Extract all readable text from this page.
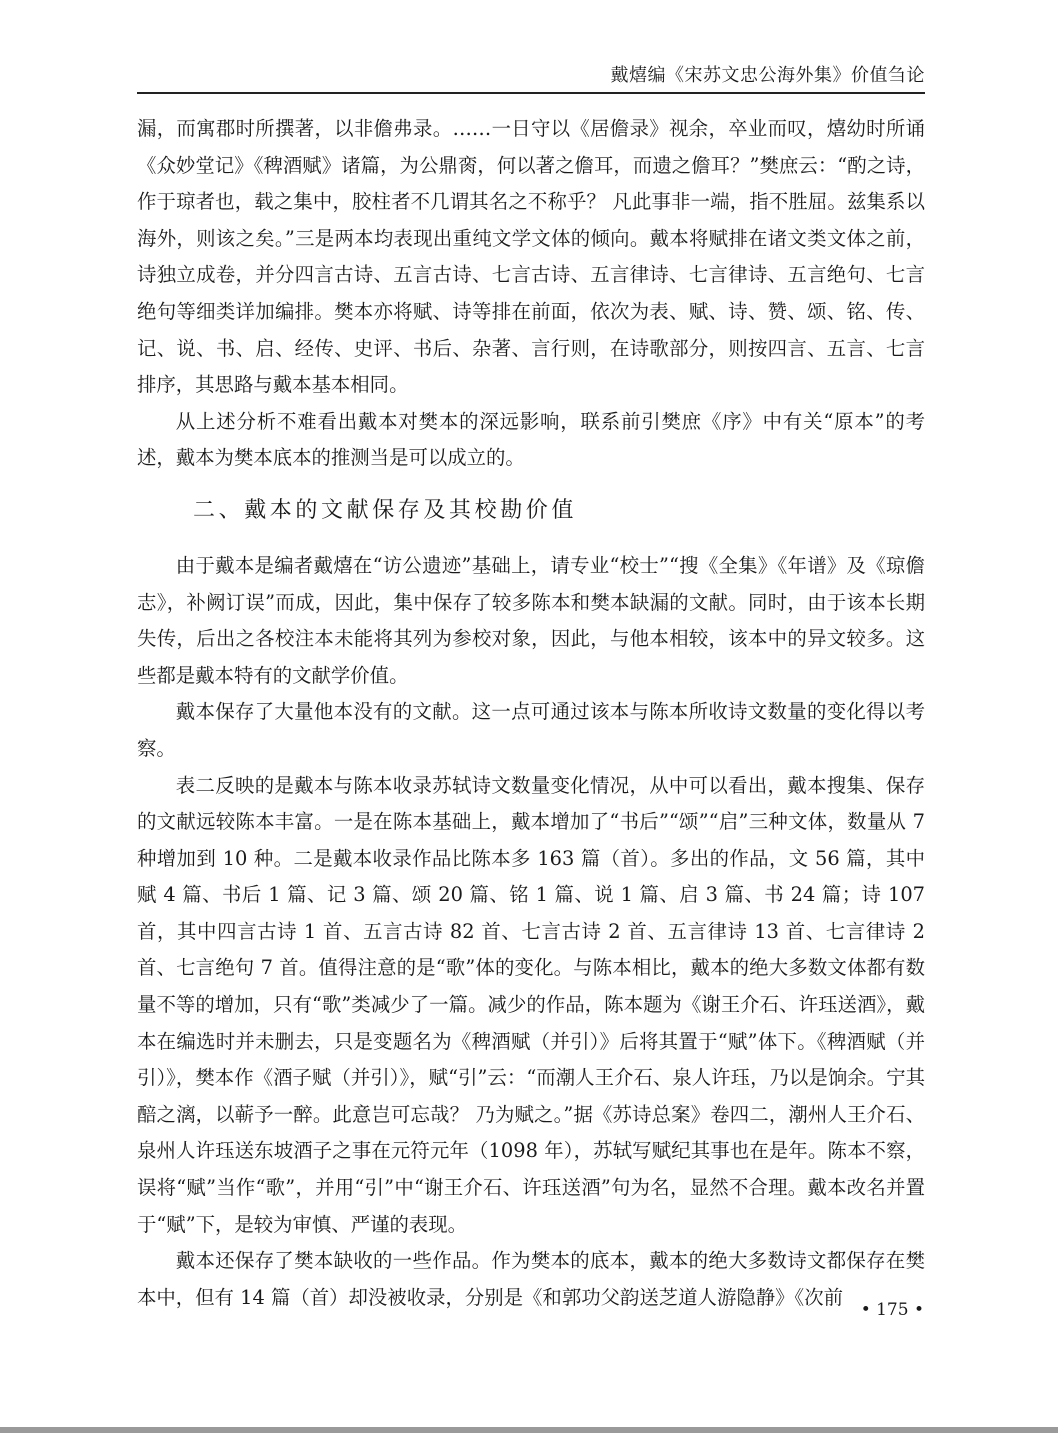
戴熺编《宋苏文忠公海外集》价值刍论

漏，而寓郡时所撰著，以非儋弗录。……一日守以《居儋录》视余，卒业而叹，熺幼时所诵《众妙堂记》《稗酒赋》诸篇，为公鼎脔，何以著之儋耳，而遗之儋耳？”樊庶云：“酌之诗，作于琼者也，载之集中，胶柱者不几谓其名之不称乎？ 凡此事非一端，指不胜屈。兹集系以海外，则该之矣。”三是两本均表现出重纯文学文体的倾向。戴本将赋排在诸文类文体之前，诗独立成卷，并分四言古诗、五言古诗、七言古诗、五言律诗、七言律诗、五言绝句、七言绝句等细类详加编排。樊本亦将赋、诗等排在前面，依次为表、赋、诗、赞、颂、铭、传、记、说、书、启、经传、史评、书后、杂著、言行则，在诗歌部分，则按四言、五言、七言排序，其思路与戴本基本相同。

从上述分析不难看出戴本对樊本的深远影响，联系前引樊庶《序》中有关“原本”的考述，戴本为樊本底本的推测当是可以成立的。

二、戴本的文献保存及其校勘价值

由于戴本是编者戴熺在“访公遗迹”基础上，请专业“校士”“搜《全集》《年谱》及《琼儋志》，补阙订误”而成，因此，集中保存了较多陈本和樊本缺漏的文献。同时，由于该本长期失传，后出之各校注本未能将其列为参校对象，因此，与他本相较，该本中的异文较多。这些都是戴本特有的文献学价值。

戴本保存了大量他本没有的文献。这一点可通过该本与陈本所收诗文数量的变化得以考察。

表二反映的是戴本与陈本收录苏轼诗文数量变化情况，从中可以看出，戴本搜集、保存的文献远较陈本丰富。一是在陈本基础上，戴本增加了“书后”“颂”“启”三种文体，数量从 7 种增加到 10 种。二是戴本收录作品比陈本多 163 篇（首）。多出的作品，文 56 篇，其中赋 4 篇、书后 1 篇、记 3 篇、颂 20 篇、铭 1 篇、说 1 篇、启 3 篇、书 24 篇；诗 107 首，其中四言古诗 1 首、五言古诗 82 首、七言古诗 2 首、五言律诗 13 首、七言律诗 2 首、七言绝句 7 首。值得注意的是“歌”体的变化。与陈本相比，戴本的绝大多数文体都有数量不等的增加，只有“歌”类减少了一篇。减少的作品，陈本题为《谢王介石、许珏送酒》，戴本在编选时并未删去，只是变题名为《稗酒赋（并引）》后将其置于“赋”体下。《稗酒赋（并引）》，樊本作《酒子赋（并引）》，赋“引”云：“而潮人王介石、泉人许珏，乃以是饷余。宁其醅之漓，以蕲予一醉。此意岂可忘哉？ 乃为赋之。”据《苏诗总案》卷四二，潮州人王介石、泉州人许珏送东坡酒子之事在元符元年（1098 年），苏轼写赋纪其事也在是年。陈本不察，误将“赋”当作“歌”，并用“引”中“谢王介石、许珏送酒”句为名，显然不合理。戴本改名并置于“赋”下，是较为审慎、严谨的表现。

戴本还保存了樊本缺收的一些作品。作为樊本的底本，戴本的绝大多数诗文都保存在樊本中，但有 14 篇（首）却没被收录，分别是《和郭功父韵送芝道人游隐静》《次前

• 175 •
